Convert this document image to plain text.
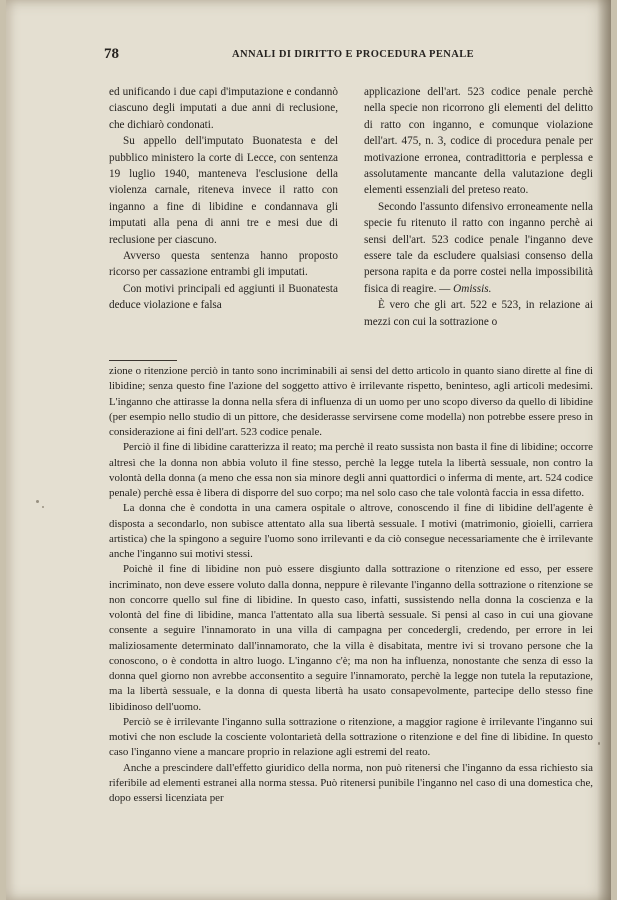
78	ANNALI DI DIRITTO E PROCEDURA PENALE

ed unificando i due capi d'imputazione e condannò ciascuno degli imputati a due anni di reclusione, che dichiarò condonati.

Su appello dell'imputato Buonatesta e del pubblico ministero la corte di Lecce, con sentenza 19 luglio 1940, manteneva l'esclusione della violenza carnale, riteneva invece il ratto con inganno a fine di libidine e condannava gli imputati alla pena di anni tre e mesi due di reclusione per ciascuno.

Avverso questa sentenza hanno proposto ricorso per cassazione entrambi gli imputati.

Con motivi principali ed aggiunti il Buonatesta deduce violazione e falsa

applicazione dell'art. 523 codice penale perchè nella specie non ricorrono gli elementi del delitto di ratto con inganno, e comunque violazione dell'art. 475, n. 3, codice di procedura penale per motivazione erronea, contradittoria e perplessa e assolutamente mancante della valutazione degli elementi essenziali del preteso reato.

Secondo l'assunto difensivo erroneamente nella specie fu ritenuto il ratto con inganno perchè ai sensi dell'art. 523 codice penale l'inganno deve essere tale da escludere qualsiasi consenso della persona rapita e da porre costei nella impossibilità fisica di reagire. — Omissis.

È vero che gli art. 522 e 523, in relazione ai mezzi con cui la sottrazione o

zione o ritenzione perciò in tanto sono incriminabili ai sensi del detto articolo in quanto siano dirette al fine di libidine; senza questo fine l'azione del soggetto attivo è irrilevante rispetto, beninteso, agli articoli medesimi. L'inganno che attirasse la donna nella sfera di influenza di un uomo per uno scopo diverso da quello di libidine (per esempio nello studio di un pittore, che desiderasse servirsene come modella) non potrebbe essere preso in considerazione ai fini dell'art. 523 codice penale.

Perciò il fine di libidine caratterizza il reato; ma perchè il reato sussista non basta il fine di libidine; occorre altresì che la donna non abbia voluto il fine stesso, perchè la legge tutela la libertà sessuale, non contro la volontà della donna (a meno che essa non sia minore degli anni quattordici o inferma di mente, art. 524 codice penale) perchè essa è libera di disporre del suo corpo; ma nel solo caso che tale volontà faccia in essa difetto.

La donna che è condotta in una camera ospitale o altrove, conoscendo il fine di libidine dell'agente è disposta a secondarlo, non subisce attentato alla sua libertà sessuale. I motivi (matrimonio, gioielli, carriera artistica) che la spingono a seguire l'uomo sono irrilevanti e da ciò consegue necessariamente che è irrilevante anche l'inganno sui motivi stessi.

Poichè il fine di libidine non può essere disgiunto dalla sottrazione o ritenzione ed esso, per essere incriminato, non deve essere voluto dalla donna, neppure è rilevante l'inganno della sottrazione o ritenzione se non concorre quello sul fine di libidine. In questo caso, infatti, sussistendo nella donna la coscienza e la volontà del fine di libidine, manca l'attentato alla sua libertà sessuale. Si pensi al caso in cui una giovane consente a seguire l'innamorato in una villa di campagna per concedergli, credendo, per errore in lei maliziosamente determinato dall'innamorato, che la villa è disabitata, mentre ivi si trovano persone che la conoscono, o è condotta in altro luogo. L'inganno c'è; ma non ha influenza, nonostante che senza di esso la donna quel giorno non avrebbe acconsentito a seguire l'innamorato, perchè la legge non tutela la reputazione, ma la libertà sessuale, e la donna di questa libertà ha usato consapevolmente, partecipe dello stesso fine libidinoso dell'uomo.

Perciò se è irrilevante l'inganno sulla sottrazione o ritenzione, a maggior ragione è irrilevante l'inganno sui motivi che non esclude la cosciente volontarietà della sottrazione o ritenzione e del fine di libidine. In questo caso l'inganno viene a mancare proprio in relazione agli estremi del reato.

Anche a prescindere dall'effetto giuridico della norma, non può ritenersi che l'inganno da essa richiesto sia riferibile ad elementi estranei alla norma stessa. Può ritenersi punibile l'inganno nel caso di una domestica che, dopo essersi licenziata per
